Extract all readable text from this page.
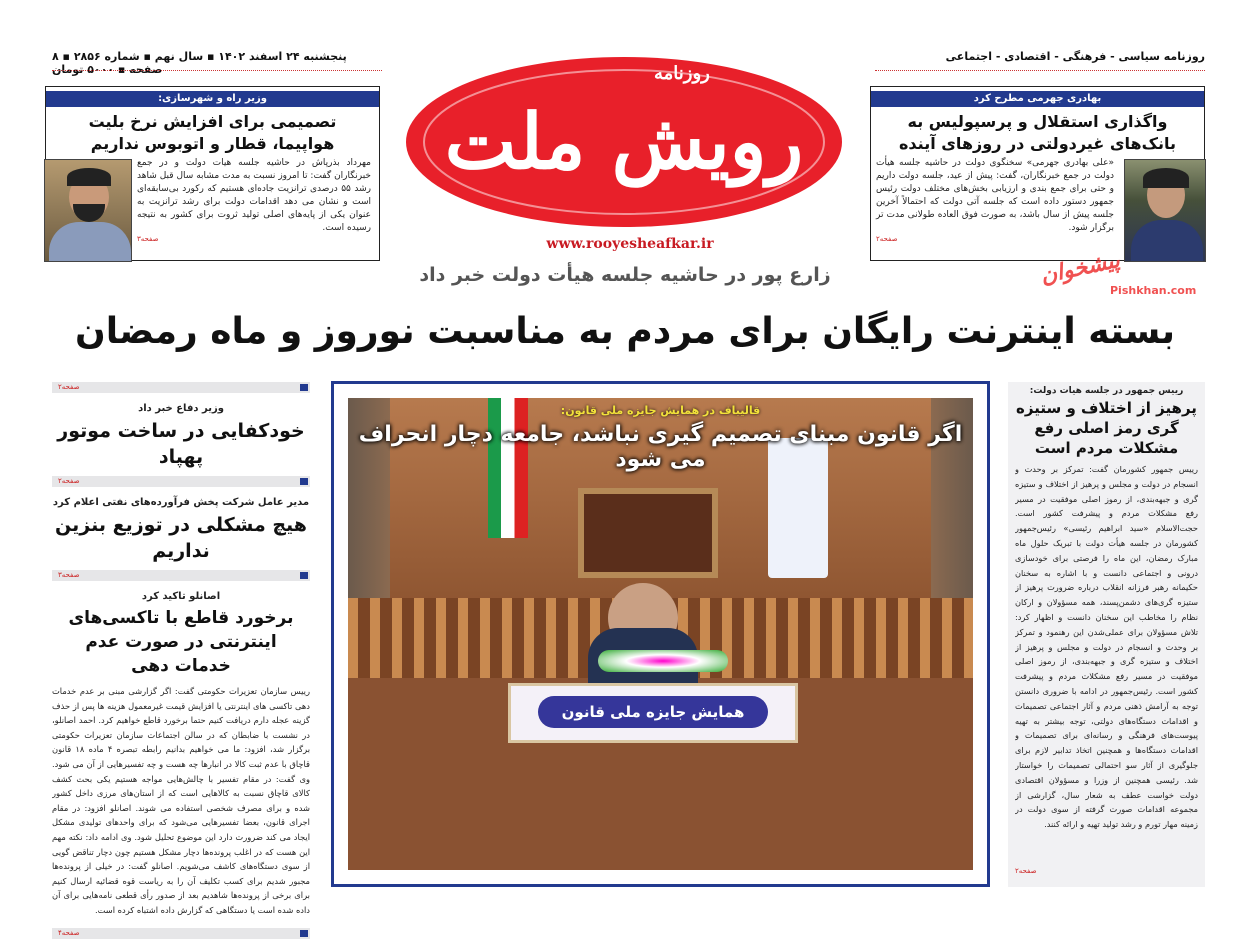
روزنامه سیاسی - فرهنگی - اقتصادی - اجتماعی
پنجشنبه ۲۴ اسفند ۱۴۰۲ ▪ سال نهم ▪ شماره ۲۸۵۶ ▪ ۸ صفحه ▪ ۵۰۰۰ تومان
رویش ملت
روزنامه
www.rooyesheafkar.ir
بهادری جهرمی مطرح کرد
واگذاری استقلال و پرسپولیس به بانک‌های غیردولتی در روزهای آینده
«علی بهادری جهرمی» سخنگوی دولت در حاشیه جلسه هیأت دولت در جمع خبرنگاران، گفت: پیش از عید، جلسه دولت داریم و حتی برای جمع بندی و ارزیابی بخش‌های مختلف دولت رئیس جمهور دستور داده است که جلسه آتی دولت که احتمالاً آخرین جلسه پیش از سال باشد، به صورت فوق العاده طولانی مدت تر برگزار شود.
صفحه۲
وزیر راه و شهرسازی:
تصمیمی برای افزایش نرخ بلیت هواپیما، قطار و اتوبوس نداریم
مهرداد بذرپاش در حاشیه جلسه هیات دولت و در جمع خبرنگاران گفت: تا امروز نسبت به مدت مشابه سال قبل شاهد رشد ۵۵ درصدی ترانزیت جاده‌ای هستیم که رکورد بی‌سابقه‌ای است و نشان می دهد اقدامات دولت برای رشد ترانزیت به عنوان یکی از پایه‌های اصلی تولید ثروت برای کشور به نتیجه رسیده است.
صفحه۳
زارع پور در حاشیه جلسه هیأت دولت خبر داد
بسته اینترنت رایگان برای مردم به مناسبت نوروز و ماه رمضان
پیشخوان
Pishkhan.com
همایش جایزه ملی قانون
قالیباف در همایش جایزه ملی قانون:
اگر قانون مبنای تصمیم گیری نباشد، جامعه دچار انحراف می شود
صفحه۲
وزیر دفاع خبر داد
خودکفایی در ساخت موتور پهپاد
صفحه۲
مدیر عامل شرکت پخش فرآورده‌های نفتی اعلام کرد
هیچ مشکلی در توزیع بنزین نداریم
صفحه۳
اصانلو تاکید کرد
برخورد قاطع با تاکسی‌های اینترنتی در صورت عدم خدمات دهی
رییس سازمان تعزیرات حکومتی گفت: اگر گزارشی مبنی بر عدم خدمات دهی تاکسی های اینترنتی یا افزایش قیمت غیرمعمول هزینه ها پس از حذف گزینه عجله دارم دریافت کنیم حتما برخورد قاطع خواهیم کرد. احمد اصانلو، در نشست با ضابطان که در سالن اجتماعات سازمان تعزیرات حکومتی برگزار شد، افزود: ما می خواهیم بدانیم رابطه تبصره ۴ ماده ۱۸ قانون قاچاق با عدم ثبت کالا در انبارها چه هست و چه تفسیرهایی از آن می شود. وی گفت: در مقام تفسیر با چالش‌هایی مواجه هستیم یکی بحث کشف کالای قاچاق نسبت به کالاهایی است که از استان‌های مرزی داخل کشور شده و برای مصرف شخصی استفاده می شوند. اصانلو افزود: در مقام اجرای قانون، بعضا تفسیرهایی می‌شود که برای واحدهای تولیدی مشکل ایجاد می کند ضرورت دارد این موضوع تحلیل شود. وی ادامه داد: نکته مهم این هست که در اغلب پرونده‌ها دچار مشکل هستیم چون دچار تناقض گویی از سوی دستگاه‌های کاشف می‌شویم. اصانلو گفت: در خیلی از پرونده‌ها مجبور شدیم برای کسب تکلیف آن را به ریاست قوه قضائیه ارسال کنیم برای برخی از پرونده‌ها شاهدیم بعد از صدور رأی قطعی نامه‌هایی برای آن داده شده است یا دستگاهی که گزارش داده اشتباه کرده است.
صفحه۴
رییس جمهور در جلسه هیات دولت:
پرهیز از اختلاف و ستیزه گری رمز اصلی رفع مشکلات مردم است
رییس جمهور کشورمان گفت: تمرکز بر وحدت و انسجام در دولت و مجلس و پرهیز از اختلاف و ستیزه گری و جبهه‌بندی، از رموز اصلی موفقیت در مسیر رفع مشکلات مردم و پیشرفت کشور است. حجت‌الاسلام «سید ابراهیم رئیسی» رئیس‌جمهور کشورمان در جلسه هیأت دولت با تبریک حلول ماه مبارک رمضان، این ماه را فرصتی برای خودسازی درونی و اجتماعی دانست و با اشاره به سخنان حکیمانه رهبر فرزانه انقلاب درباره ضرورت پرهیز از ستیزه گری‌های دشمن‌پسند، همه مسؤولان و ارکان نظام را مخاطب این سخنان دانست و اظهار کرد: تلاش مسؤولان برای عملی‌شدن این رهنمود و تمرکز بر وحدت و انسجام در دولت و مجلس و پرهیز از اختلاف و ستیزه گری و جبهه‌بندی، از رموز اصلی موفقیت در مسیر رفع مشکلات مردم و پیشرفت کشور است. رئیس‌جمهور در ادامه با ضروری دانستن توجه به آرامش ذهنی مردم و آثار اجتماعی تصمیمات و اقدامات دستگاه‌های دولتی، توجه بیشتر به تهیه پیوست‌های فرهنگی و رسانه‌ای برای تصمیمات و اقدامات دستگاه‌ها و همچنین اتخاذ تدابیر لازم برای جلوگیری از آثار سو احتمالی تصمیمات را خواستار شد. رئیسی همچنین از وزرا و مسؤولان اقتصادی دولت خواست عطف به شعار سال، گزارشی از مجموعه اقدامات صورت گرفته از سوی دولت در زمینه مهار تورم و رشد تولید تهیه و ارائه کنند.
صفحه۲
